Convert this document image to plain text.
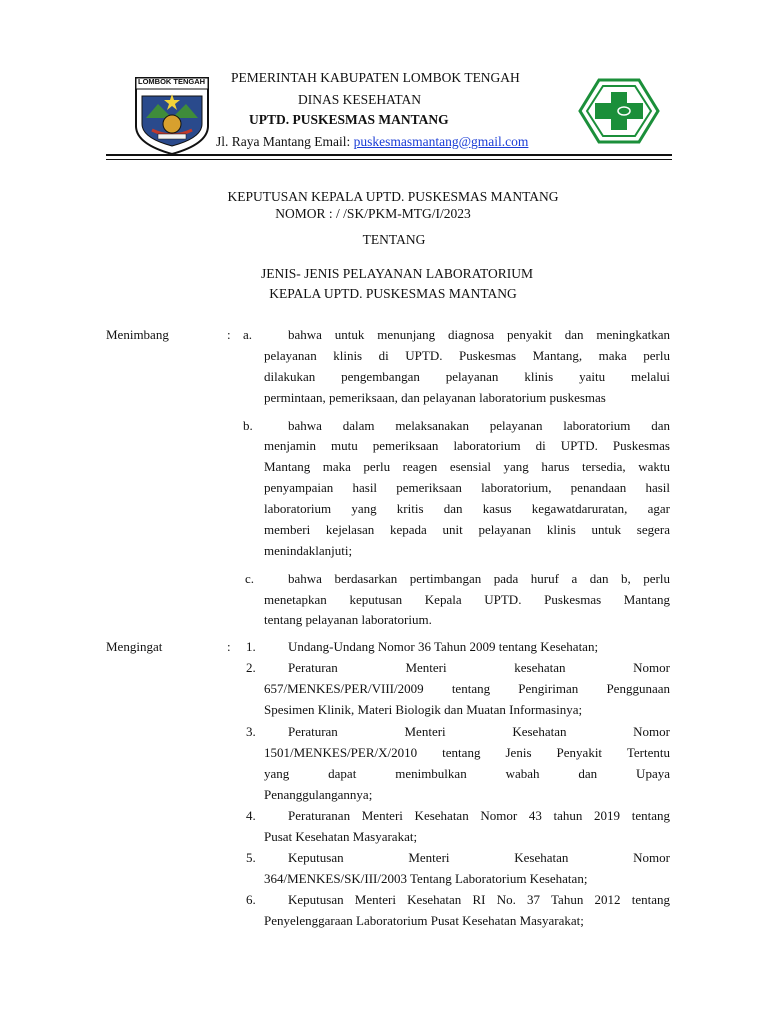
LOMBOK TENGAH PEMERINTAH KABUPATEN LOMBOK TENGAH
DINAS KESEHATAN
UPTD. PUSKESMAS MANTANG
Jl. Raya Mantang Email: puskesmasmantang@gmail.com
KEPUTUSAN KEPALA UPTD. PUSKESMAS MANTANG
NOMOR : / /SK/PKM-MTG/I/2023
TENTANG
JENIS- JENIS PELAYANAN LABORATORIUM
KEPALA UPTD. PUSKESMAS MANTANG
Menimbang	: a.	bahwa untuk menunjang diagnosa penyakit dan meningkatkan
pelayanan klinis di UPTD. Puskesmas Mantang, maka perlu
dilakukan pengembangan pelayanan klinis yaitu melalui
permintaan, pemeriksaan, dan pelayanan laboratorium puskesmas
b.	bahwa dalam melaksanakan pelayanan laboratorium dan
menjamin mutu pemeriksaan laboratorium di UPTD. Puskesmas
Mantang maka perlu reagen esensial yang harus tersedia, waktu
penyampaian hasil pemeriksaan laboratorium, penandaan hasil
laboratorium yang kritis dan kasus kegawatdaruratan, agar
memberi kejelasan kepada unit pelayanan klinis untuk segera
menindaklanjuti;
c.	bahwa berdasarkan pertimbangan pada huruf a dan b, perlu
menetapkan keputusan Kepala UPTD. Puskesmas Mantang
tentang pelayanan laboratorium.
Mengingat	: 1. Undang-Undang Nomor 36 Tahun 2009 tentang Kesehatan;
2. Peraturan Menteri kesehatan Nomor
657/MENKES/PER/VIII/2009 tentang Pengiriman Penggunaan
Spesimen Klinik, Materi Biologik dan Muatan Informasinya;
3. Peraturan Menteri Kesehatan Nomor
1501/MENKES/PER/X/2010 tentang Jenis Penyakit Tertentu
yang dapat menimbulkan wabah dan Upaya
Penanggulangannya;
4. Peraturanan Menteri Kesehatan Nomor 43 tahun 2019 tentang
Pusat Kesehatan Masyarakat;
5. Keputusan Menteri Kesehatan Nomor
364/MENKES/SK/III/2003 Tentang Laboratorium Kesehatan;
6. Keputusan Menteri Kesehatan RI No. 37 Tahun 2012 tentang
Penyelenggaraan Laboratorium Pusat Kesehatan Masyarakat;
